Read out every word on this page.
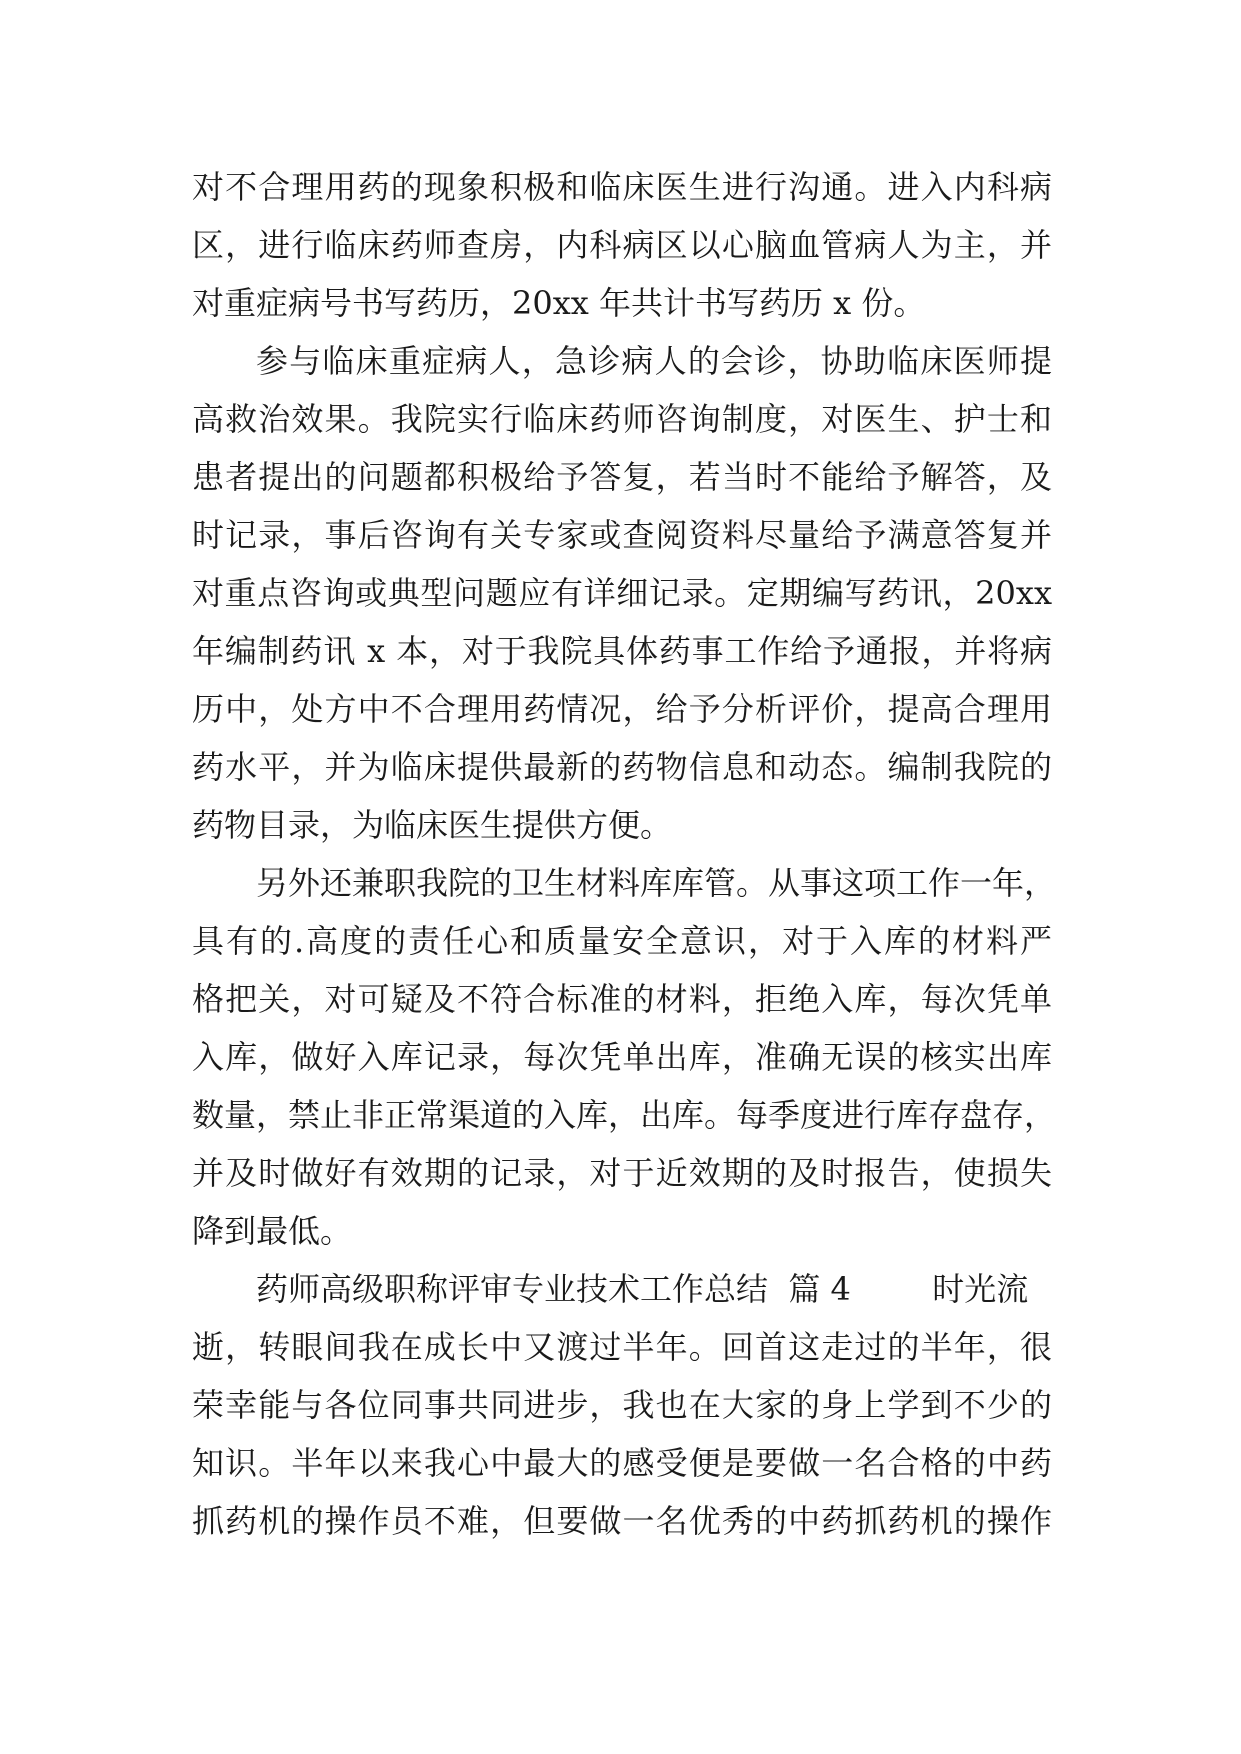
对不合理用药的现象积极和临床医生进行沟通。进入内科病
区，进行临床药师查房，内科病区以心脑血管病人为主，并
对重症病号书写药历，20xx 年共计书写药历 x 份。
参与临床重症病人，急诊病人的会诊，协助临床医师提
高救治效果。我院实行临床药师咨询制度，对医生、护士和
患者提出的问题都积极给予答复，若当时不能给予解答，及
时记录，事后咨询有关专家或查阅资料尽量给予满意答复并
对重点咨询或典型问题应有详细记录。定期编写药讯，20xx
年编制药讯 x 本，对于我院具体药事工作给予通报，并将病
历中，处方中不合理用药情况，给予分析评价，提高合理用
药水平，并为临床提供最新的药物信息和动态。编制我院的
药物目录，为临床医生提供方便。
另外还兼职我院的卫生材料库库管。从事这项工作一年，
具有的.高度的责任心和质量安全意识，对于入库的材料严
格把关，对可疑及不符合标准的材料，拒绝入库，每次凭单
入库，做好入库记录，每次凭单出库，准确无误的核实出库
数量，禁止非正常渠道的入库，出库。每季度进行库存盘存，
并及时做好有效期的记录，对于近效期的及时报告，使损失
降到最低。
药师高级职称评审专业技术工作总结  篇 4        时光流
逝，转眼间我在成长中又渡过半年。回首这走过的半年，很
荣幸能与各位同事共同进步，我也在大家的身上学到不少的
知识。半年以来我心中最大的感受便是要做一名合格的中药
抓药机的操作员不难，但要做一名优秀的中药抓药机的操作
